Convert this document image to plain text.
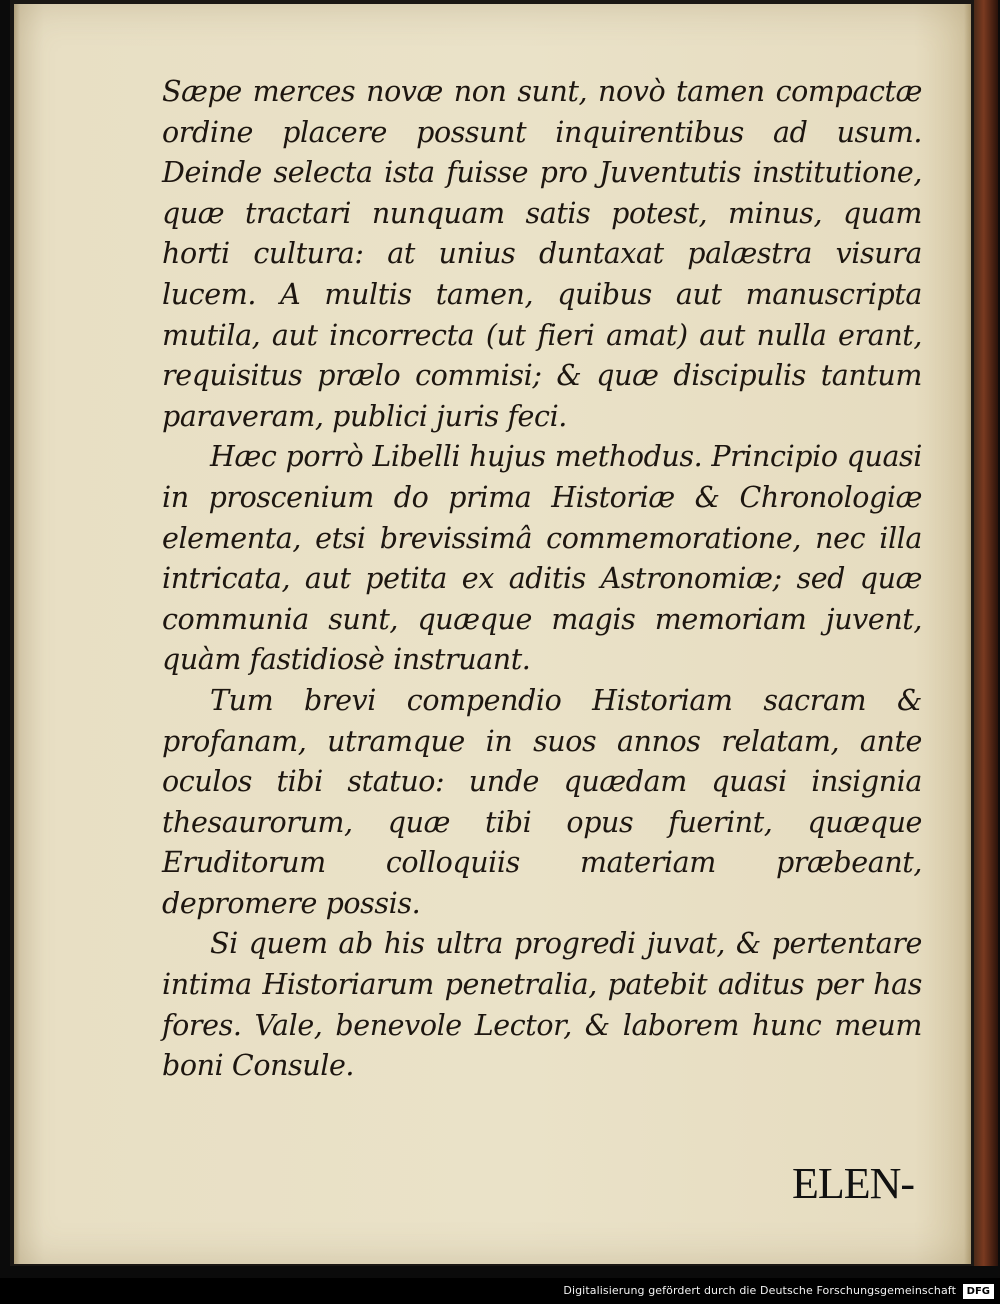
Sæpe merces novæ non sunt, novò tamen compactæ ordine placere possunt inquirentibus ad usum. Deinde selecta ista fuisse pro Juventutis institutione, quæ tractari nunquam satis potest, minus, quam horti cultura: at unius duntaxat palæstra visura lucem. A multis tamen, quibus aut manuscripta mutila, aut incorrecta (ut fieri amat) aut nulla erant, requisitus prælo commisi; & quæ discipulis tantum paraveram, publici juris feci.

Hæc porrò Libelli hujus methodus. Principio quasi in proscenium do prima Historiæ & Chronologiæ elementa, etsi brevissimâ commemoratione, nec illa intricata, aut petita ex aditis Astronomiæ; sed quæ communia sunt, quæque magis memoriam juvent, quàm fastidiosè instruant.

Tum brevi compendio Historiam sacram & profanam, utramque in suos annos relatam, ante oculos tibi statuo: unde quædam quasi insignia thesaurorum, quæ tibi opus fuerint, quæque Eruditorum colloquiis materiam præbeant, depromere possis.

Si quem ab his ultra progredi juvat, & pertentare intima Historiarum penetralia, patebit aditus per has fores. Vale, benevole Lector, & laborem hunc meum boni Consule.

ELEN-
Digitalisierung gefördert durch die Deutsche Forschungsgemeinschaft	DFG
